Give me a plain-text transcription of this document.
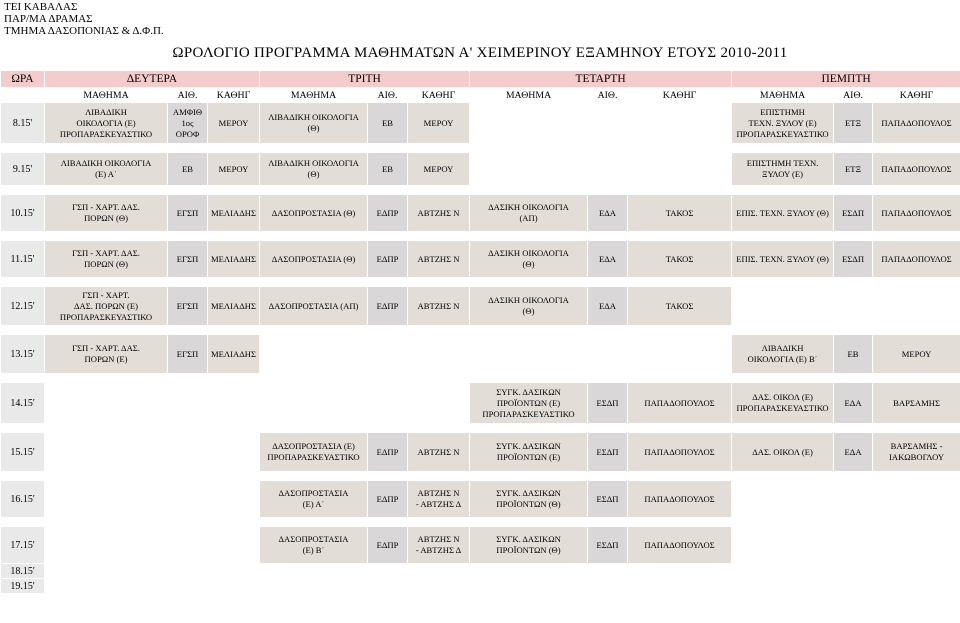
ΤΕΙ ΚΑΒΑΛΑΣ
ΠΑΡ/ΜΑ ΔΡΑΜΑΣ
ΤΜΗΜΑ ΔΑΣΟΠΟΝΙΑΣ & Δ.Φ.Π.
ΩΡΟΛΟΓΙΟ ΠΡΟΓΡΑΜΜΑ ΜΑΘΗΜΑΤΩΝ Α' ΧΕΙΜΕΡΙΝΟΥ ΕΞΑΜΗΝΟΥ ΕΤΟΥΣ 2010-2011
ΩΡΑ	ΔΕΥΤΕΡΑ			ΤΡΙΤΗ			ΤΕΤΑΡΤΗ			ΠΕΜΠΤΗ	
	ΜΑΘΗΜΑ	ΑΙΘ.	ΚΑΘΗΓ	ΜΑΘΗΜΑ	ΑΙΘ.	ΚΑΘΗΓ	ΜΑΘΗΜΑ	ΑΙΘ.	ΚΑΘΗΓ	ΜΑΘΗΜΑ	ΑΙΘ.	ΚΑΘΗΓ			
8.15'	ΛΙΒΑΔΙΚΗ
ΟΙΚΟΛΟΓΙΑ (Ε)
ΠΡΟΠΑΡΑΣΚΕΥΑΣΤΙΚΟ	ΑΜΦΙΘ
1ος
ΟΡΟΦ	ΜΕΡΟΥ	ΛΙΒΑΔΙΚΗ ΟΙΚΟΛΟΓΙΑ
(Θ)	ΕΒ	ΜΕΡΟΥ				ΕΠΙΣΤΗΜΗ
ΤΕΧΝ. ΞΥΛΟΥ (Ε)
ΠΡΟΠΑΡΑΣΚΕΥΑΣΤΙΚΟ	ΕΤΞ	ΠΑΠΑΔΟΠΟΥΛΟΣ			

9.15'	ΛΙΒΑΔΙΚΗ ΟΙΚΟΛΟΓΙΑ
(Ε) Α΄	ΕΒ	ΜΕΡΟΥ	ΛΙΒΑΔΙΚΗ ΟΙΚΟΛΟΓΙΑ
(Θ)	ΕΒ	ΜΕΡΟΥ				ΕΠΙΣΤΗΜΗ ΤΕΧΝ.
ΞΥΛΟΥ (Ε)	ΕΤΞ	ΠΑΠΑΔΟΠΟΥΛΟΣ			

10.15'	ΓΣΠ - ΧΑΡΤ. ΔΑΣ.
ΠΟΡΩΝ (Θ)	ΕΓΣΠ	ΜΕΛΙΑΔΗΣ	ΔΑΣΟΠΡΟΣΤΑΣΙΑ (Θ)	ΕΔΠΡ	ΑΒΤΖΗΣ Ν	ΔΑΣΙΚΗ ΟΙΚΟΛΟΓΙΑ
(ΑΠ)	ΕΔΑ	ΤΑΚΟΣ	ΕΠΙΣ. ΤΕΧΝ. ΞΥΛΟΥ (Θ)	ΕΣΔΠ	ΠΑΠΑΔΟΠΟΥΛΟΣ			

11.15'	ΓΣΠ - ΧΑΡΤ. ΔΑΣ.
ΠΟΡΩΝ (Θ)	ΕΓΣΠ	ΜΕΛΙΑΔΗΣ	ΔΑΣΟΠΡΟΣΤΑΣΙΑ (Θ)	ΕΔΠΡ	ΑΒΤΖΗΣ Ν	ΔΑΣΙΚΗ ΟΙΚΟΛΟΓΙΑ
(Θ)	ΕΔΑ	ΤΑΚΟΣ	ΕΠΙΣ. ΤΕΧΝ. ΞΥΛΟΥ (Θ)	ΕΣΔΠ	ΠΑΠΑΔΟΠΟΥΛΟΣ			

12.15'	ΓΣΠ - ΧΑΡΤ.
ΔΑΣ. ΠΟΡΩΝ (Ε)
ΠΡΟΠΑΡΑΣΚΕΥΑΣΤΙΚΟ	ΕΓΣΠ	ΜΕΛΙΑΔΗΣ	ΔΑΣΟΠΡΟΣΤΑΣΙΑ (ΑΠ)	ΕΔΠΡ	ΑΒΤΖΗΣ Ν	ΔΑΣΙΚΗ ΟΙΚΟΛΟΓΙΑ
(Θ)	ΕΔΑ	ΤΑΚΟΣ						

13.15'	ΓΣΠ - ΧΑΡΤ. ΔΑΣ.
ΠΟΡΩΝ (Ε)	ΕΓΣΠ	ΜΕΛΙΑΔΗΣ							ΛΙΒΑΔΙΚΗ
ΟΙΚΟΛΟΓΙΑ (Ε) Β΄	ΕΒ	ΜΕΡΟΥ			

14.15'							ΣΥΓΚ. ΔΑΣΙΚΩΝ
ΠΡΟΪΟΝΤΩΝ (Ε)
ΠΡΟΠΑΡΑΣΚΕΥΑΣΤΙΚΟ	ΕΣΔΠ	ΠΑΠΑΔΟΠΟΥΛΟΣ	ΔΑΣ. ΟΙΚΟΛ (Ε)
ΠΡΟΠΑΡΑΣΚΕΥΑΣΤΙΚΟ	ΕΔΑ	ΒΑΡΣΑΜΗΣ			

15.15'				ΔΑΣΟΠΡΟΣΤΑΣΙΑ (Ε)
ΠΡΟΠΑΡΑΣΚΕΥΑΣΤΙΚΟ	ΕΔΠΡ	ΑΒΤΖΗΣ Ν	ΣΥΓΚ. ΔΑΣΙΚΩΝ
ΠΡΟΪΟΝΤΩΝ (Ε)	ΕΣΔΠ	ΠΑΠΑΔΟΠΟΥΛΟΣ	ΔΑΣ. ΟΙΚΟΛ (Ε)	ΕΔΑ	ΒΑΡΣΑΜΗΣ -
ΙΑΚΩΒΟΓΛΟΥ			

16.15'				ΔΑΣΟΠΡΟΣΤΑΣΙΑ
(Ε) Α΄	ΕΔΠΡ	ΑΒΤΖΗΣ Ν
- ΑΒΤΖΗΣ Δ	ΣΥΓΚ. ΔΑΣΙΚΩΝ
ΠΡΟΪΟΝΤΩΝ (Θ)	ΕΣΔΠ	ΠΑΠΑΔΟΠΟΥΛΟΣ						

17.15'				ΔΑΣΟΠΡΟΣΤΑΣΙΑ
(Ε) Β΄	ΕΔΠΡ	ΑΒΤΖΗΣ Ν
- ΑΒΤΖΗΣ Δ	ΣΥΓΚ. ΔΑΣΙΚΩΝ
ΠΡΟΪΟΝΤΩΝ (Θ)	ΕΣΔΠ	ΠΑΠΑΔΟΠΟΥΛΟΣ						
18.15'															
19.15'															
